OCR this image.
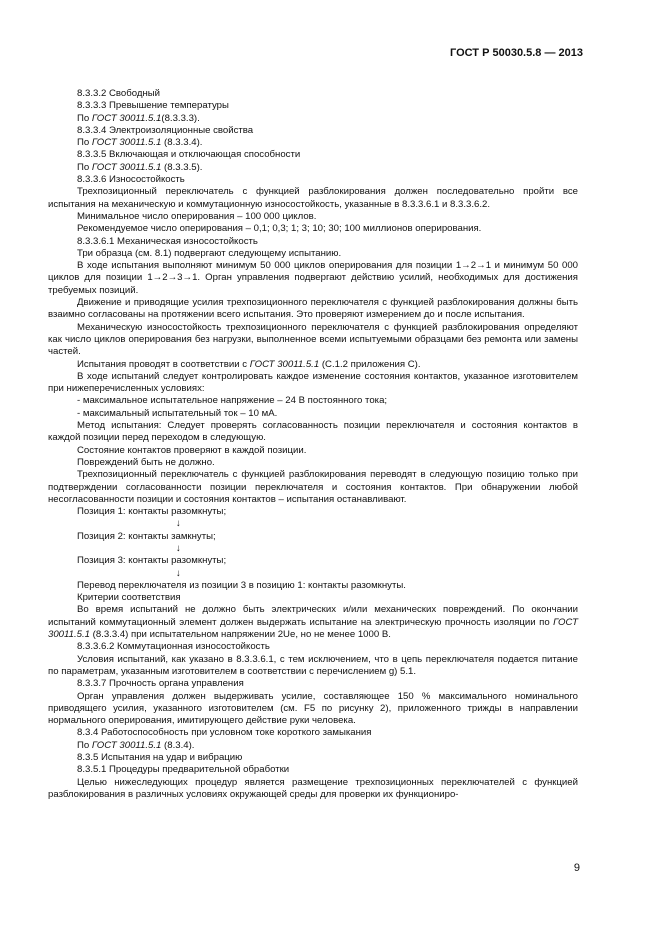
ГОСТ Р 50030.5.8 — 2013

8.3.3.2 Свободный

8.3.3.3 Превышение температуры

По ГОСТ 30011.5.1(8.3.3.3).

8.3.3.4 Электроизоляционные свойства

По ГОСТ 30011.5.1 (8.3.3.4).

8.3.3.5 Включающая и отключающая способности

По ГОСТ 30011.5.1 (8.3.3.5).

8.3.3.6 Износостойкость

Трехпозиционный переключатель с функцией разблокирования должен последовательно пройти все испытания на механическую и коммутационную износостойкость, указанные в 8.3.3.6.1 и 8.3.3.6.2.

Минимальное число оперирования – 100 000 циклов.

Рекомендуемое число оперирования – 0,1; 0,3; 1; 3; 10; 30; 100 миллионов оперирования.

8.3.3.6.1 Механическая износостойкость

Три образца (см. 8.1) подвергают следующему испытанию.

В ходе испытания выполняют минимум 50 000 циклов оперирования для позиции 1→2→1 и минимум 50 000 циклов для позиции 1→2→3→1. Орган управления подвергают действию усилий, необходимых для достижения требуемых позиций.

Движение и приводящие усилия трехпозиционного переключателя с функцией разблокирования должны быть взаимно согласованы на протяжении всего испытания. Это проверяют измерением до и после испытания.

Механическую износостойкость трехпозиционного переключателя с функцией разблокирования определяют как число циклов оперирования без нагрузки, выполненное всеми испытуемыми образцами без ремонта или замены частей.

Испытания проводят в соответствии с ГОСТ 30011.5.1 (С.1.2 приложения С).

В ходе испытаний следует контролировать каждое изменение состояния контактов, указанное изготовителем при нижеперечисленных условиях:

- максимальное испытательное напряжение – 24 В постоянного тока;

- максимальный испытательный ток – 10 мА.

Метод испытания: Следует проверять согласованность позиции переключателя и состояния контактов в каждой позиции перед переходом в следующую.

Состояние контактов проверяют в каждой позиции.

Повреждений быть не должно.

Трехпозиционный переключатель с функцией разблокирования переводят в следующую позицию только при подтверждении согласованности позиции переключателя и состояния контактов. При обнаружении любой несогласованности позиции и состояния контактов – испытания останавливают.

Позиция 1: контакты разомкнуты;

↓

Позиция 2: контакты замкнуты;

↓

Позиция 3: контакты разомкнуты;

↓

Перевод переключателя из позиции 3 в позицию 1: контакты разомкнуты.

Критерии соответствия

Во время испытаний не должно быть электрических и/или механических повреждений. По окончании испытаний коммутационный элемент должен выдержать испытание на электрическую прочность изоляции по ГОСТ 30011.5.1 (8.3.3.4) при испытательном напряжении 2Ue, но не менее 1000 В.

8.3.3.6.2 Коммутационная износостойкость

Условия испытаний, как указано в 8.3.3.6.1, с тем исключением, что в цепь переключателя подается питание по параметрам, указанным изготовителем в соответствии с перечислением g) 5.1.

8.3.3.7 Прочность органа управления

Орган управления должен выдерживать усилие, составляющее 150 % максимального номинального приводящего усилия, указанного изготовителем (см. F5 по рисунку 2), приложенного трижды в направлении нормального оперирования, имитирующего действие руки человека.

8.3.4 Работоспособность при условном токе короткого замыкания

По ГОСТ 30011.5.1 (8.3.4).

8.3.5 Испытания на удар и вибрацию

8.3.5.1 Процедуры предварительной обработки

Целью нижеследующих процедур является размещение трехпозиционных переключателей с функцией разблокирования в различных условиях окружающей среды для проверки их функциониро-

9
